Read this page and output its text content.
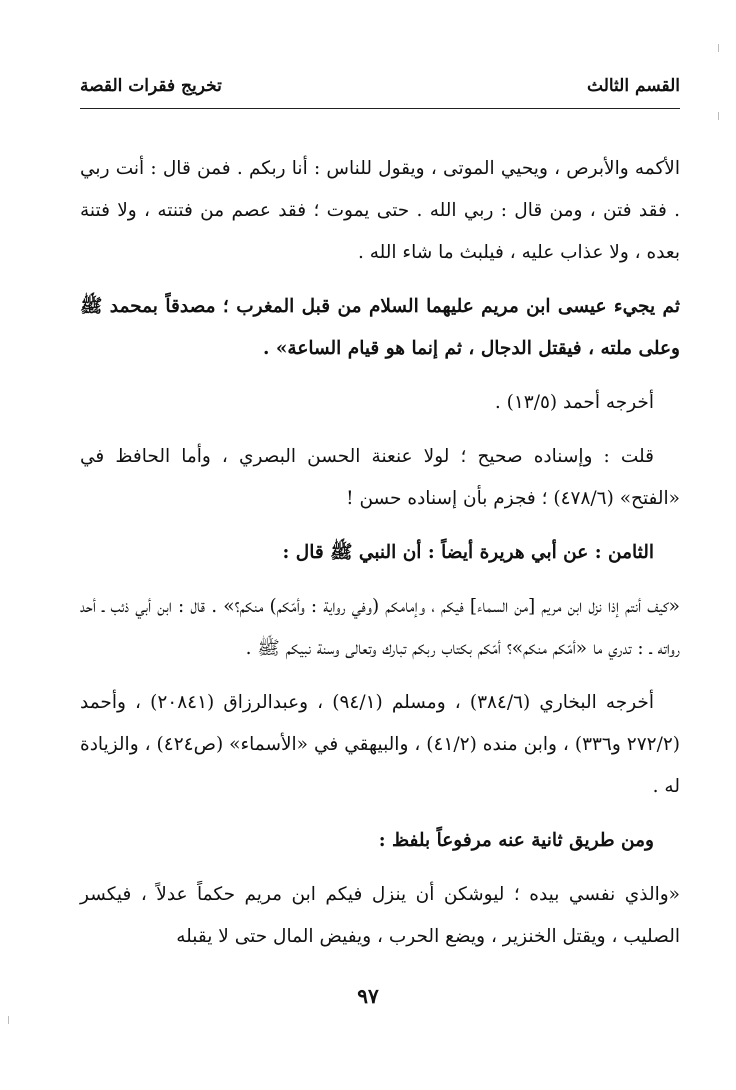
القسم الثالث
تخريج فقرات القصة

الأكمه والأبرص ، ويحيي الموتى ، ويقول للناس : أنا ربكم . فمن قال : أنت ربي . فقد فتن ، ومن قال : ربي الله . حتى يموت ؛ فقد عصم من فتنته ، ولا فتنة بعده ، ولا عذاب عليه ، فيلبث ما شاء الله .

ثم يجيء عيسى ابن مريم عليهما السلام من قبل المغرب ؛ مصدقاً بمحمد ﷺ وعلى ملته ، فيقتل الدجال ، ثم إنما هو قيام الساعة» .

أخرجه أحمد (١٣/٥) .

قلت : وإسناده صحيح ؛ لولا عنعنة الحسن البصري ، وأما الحافظ في «الفتح» (٤٧٨/٦) ؛ فجزم بأن إسناده حسن !

الثامن : عن أبي هريرة أيضاً : أن النبي ﷺ قال :

«كيف أنتم إذا نزل ابن مريم [من السماء] فيكم ، وإمامكم (وفي رواية : وأمّكم) منكم؟» . قال : ابن أبي ذئب ـ أحد رواته ـ : تدري ما «أمّكم منكم»؟ أمّكم بكتاب ربكم تبارك وتعالى وسنة نبيكم ﷺ .

أخرجه البخاري (٣٨٤/٦) ، ومسلم (٩٤/١) ، وعبدالرزاق (٢٠٨٤١) ، وأحمد (٢٧٢/٢ و٣٣٦) ، وابن منده (٤١/٢) ، والبيهقي في «الأسماء» (ص٤٢٤) ، والزيادة له .

ومن طريق ثانية عنه مرفوعاً بلفظ :

«والذي نفسي بيده ؛ ليوشكن أن ينزل فيكم ابن مريم حكماً عدلاً ، فيكسر الصليب ، ويقتل الخنزير ، ويضع الحرب ، ويفيض المال حتى لا يقبله

٩٧
